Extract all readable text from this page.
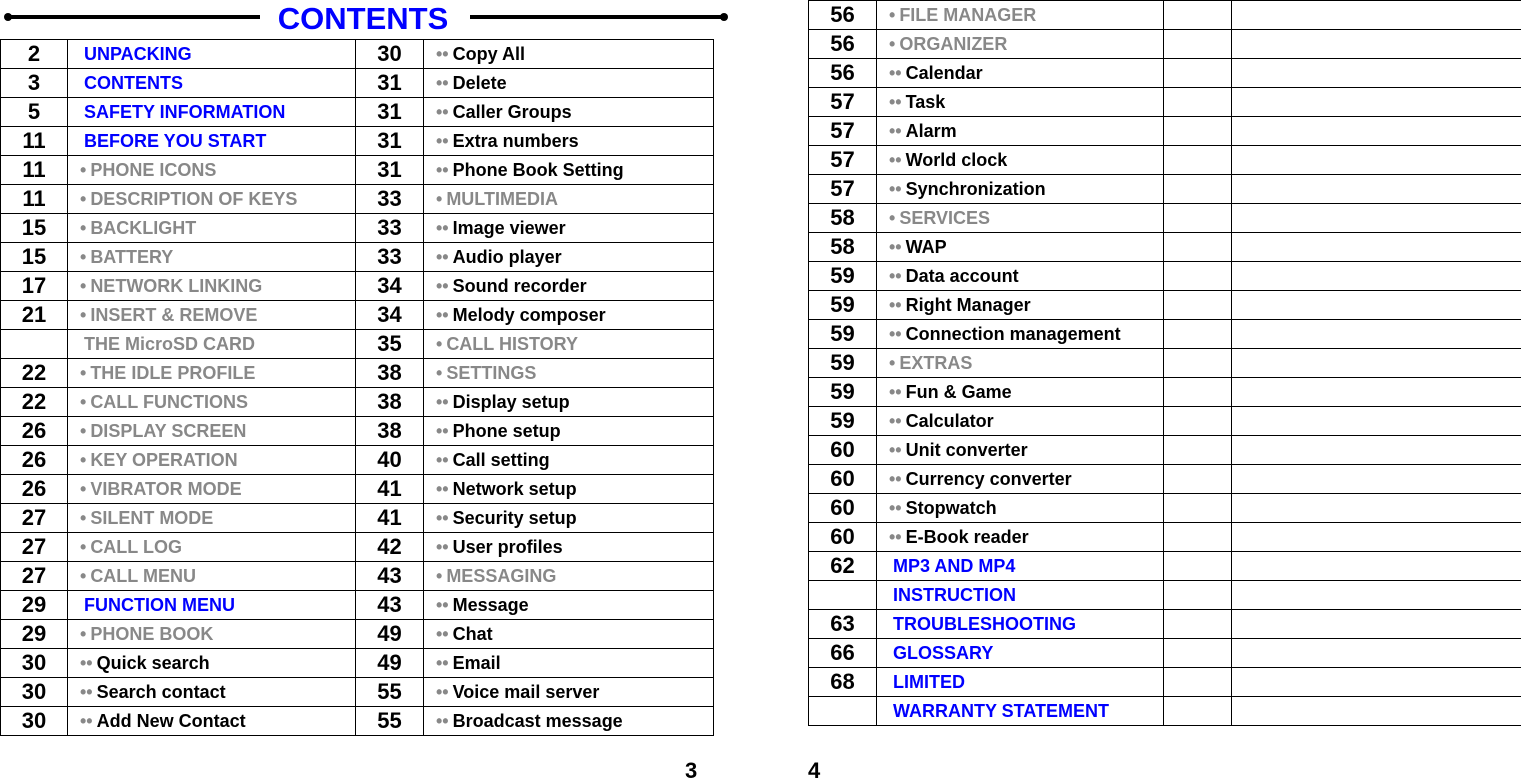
CONTENTS
2	UNPACKING	30	•• Copy All
3	CONTENTS	31	•• Delete
5	SAFETY INFORMATION	31	•• Caller Groups
11	BEFORE YOU START	31	•• Extra numbers
11	• PHONE ICONS	31	•• Phone Book Setting
11	• DESCRIPTION OF KEYS	33	• MULTIMEDIA
15	• BACKLIGHT	33	•• Image viewer
15	• BATTERY	33	•• Audio player
17	• NETWORK LINKING	34	•• Sound recorder
21	• INSERT & REMOVE	34	•• Melody composer
	THE MicroSD CARD	35	• CALL HISTORY
22	• THE IDLE PROFILE	38	• SETTINGS
22	• CALL FUNCTIONS	38	•• Display setup
26	• DISPLAY SCREEN	38	•• Phone setup
26	• KEY OPERATION	40	•• Call setting
26	• VIBRATOR MODE	41	•• Network setup
27	• SILENT MODE	41	•• Security setup
27	• CALL LOG	42	•• User profiles
27	• CALL MENU	43	• MESSAGING
29	FUNCTION MENU	43	•• Message
29	• PHONE BOOK	49	•• Chat
30	•• Quick search	49	•• Email
30	•• Search contact	55	•• Voice mail server
30	•• Add New Contact	55	•• Broadcast message
56	• FILE MANAGER		
56	• ORGANIZER		
56	•• Calendar		
57	•• Task		
57	•• Alarm		
57	•• World clock		
57	•• Synchronization		
58	• SERVICES		
58	•• WAP		
59	•• Data account		
59	•• Right Manager		
59	•• Connection management		
59	• EXTRAS		
59	•• Fun & Game		
59	•• Calculator		
60	•• Unit converter		
60	•• Currency converter		
60	•• Stopwatch		
60	•• E-Book reader		
62	MP3 AND MP4		
	INSTRUCTION		
63	TROUBLESHOOTING		
66	GLOSSARY		
68	LIMITED		
	WARRANTY STATEMENT		
3	4
